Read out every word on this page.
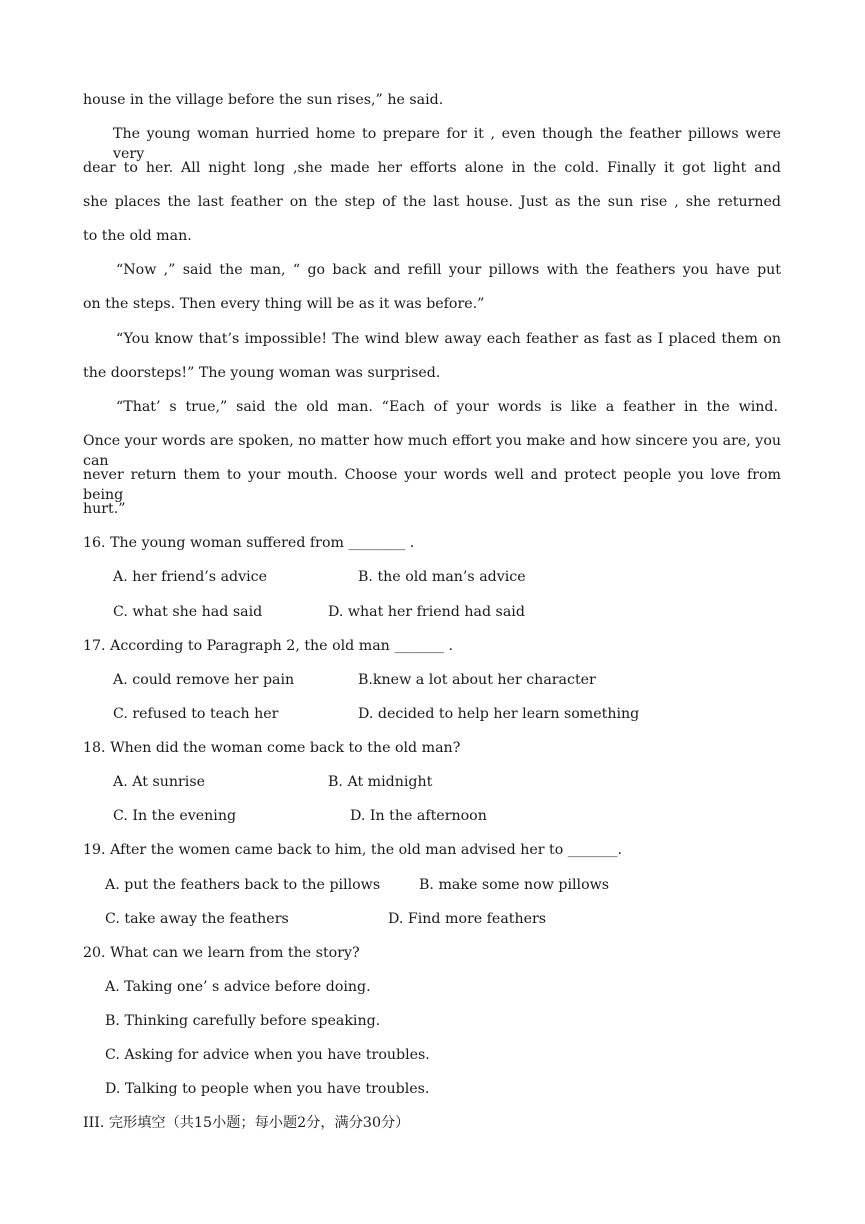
house in the village before the sun rises,” he said.
The young woman hurried home to prepare for it , even though the feather pillows were very
dear to her. All night long ,she made her efforts alone in the cold. Finally it got light and
she places the last feather on the step of the last house. Just as the sun rise , she returned
to the old man.
“Now ,” said the man, “ go back and refill your pillows with the feathers you have put
on the steps. Then every thing will be as it was before.”
“You know that’s impossible! The wind blew away each feather as fast as I placed them on
the doorsteps!” The young woman was surprised.
“That’ s true,” said the old man. “Each of your words is like a feather in the wind.
Once your words are spoken, no matter how much effort you make and how sincere you are, you can
never return them to your mouth. Choose your words well and protect people you love from being
hurt.”
16. The young woman suffered from ________ .
A. her friend’s advice	B. the old man’s advice
C. what she had said	D. what her friend had said
17. According to Paragraph 2, the old man _______ .
A. could remove her pain	B.knew a lot about her character
C. refused to teach her	D. decided to help her learn something
18. When did the woman come back to the old man?
A. At sunrise	B. At midnight
C. In the evening	D. In the afternoon
19. After the women came back to him, the old man advised her to _______.
A. put the feathers back to the pillows	B. make some now pillows
C. take away the feathers	D. Find more feathers
20. What can we learn from the story?
A. Taking one’ s advice before doing.
B. Thinking carefully before speaking.
C. Asking for advice when you have troubles.
D. Talking to people when you have troubles.
III. 完形填空（共15小题；每小题2分，满分30分）
